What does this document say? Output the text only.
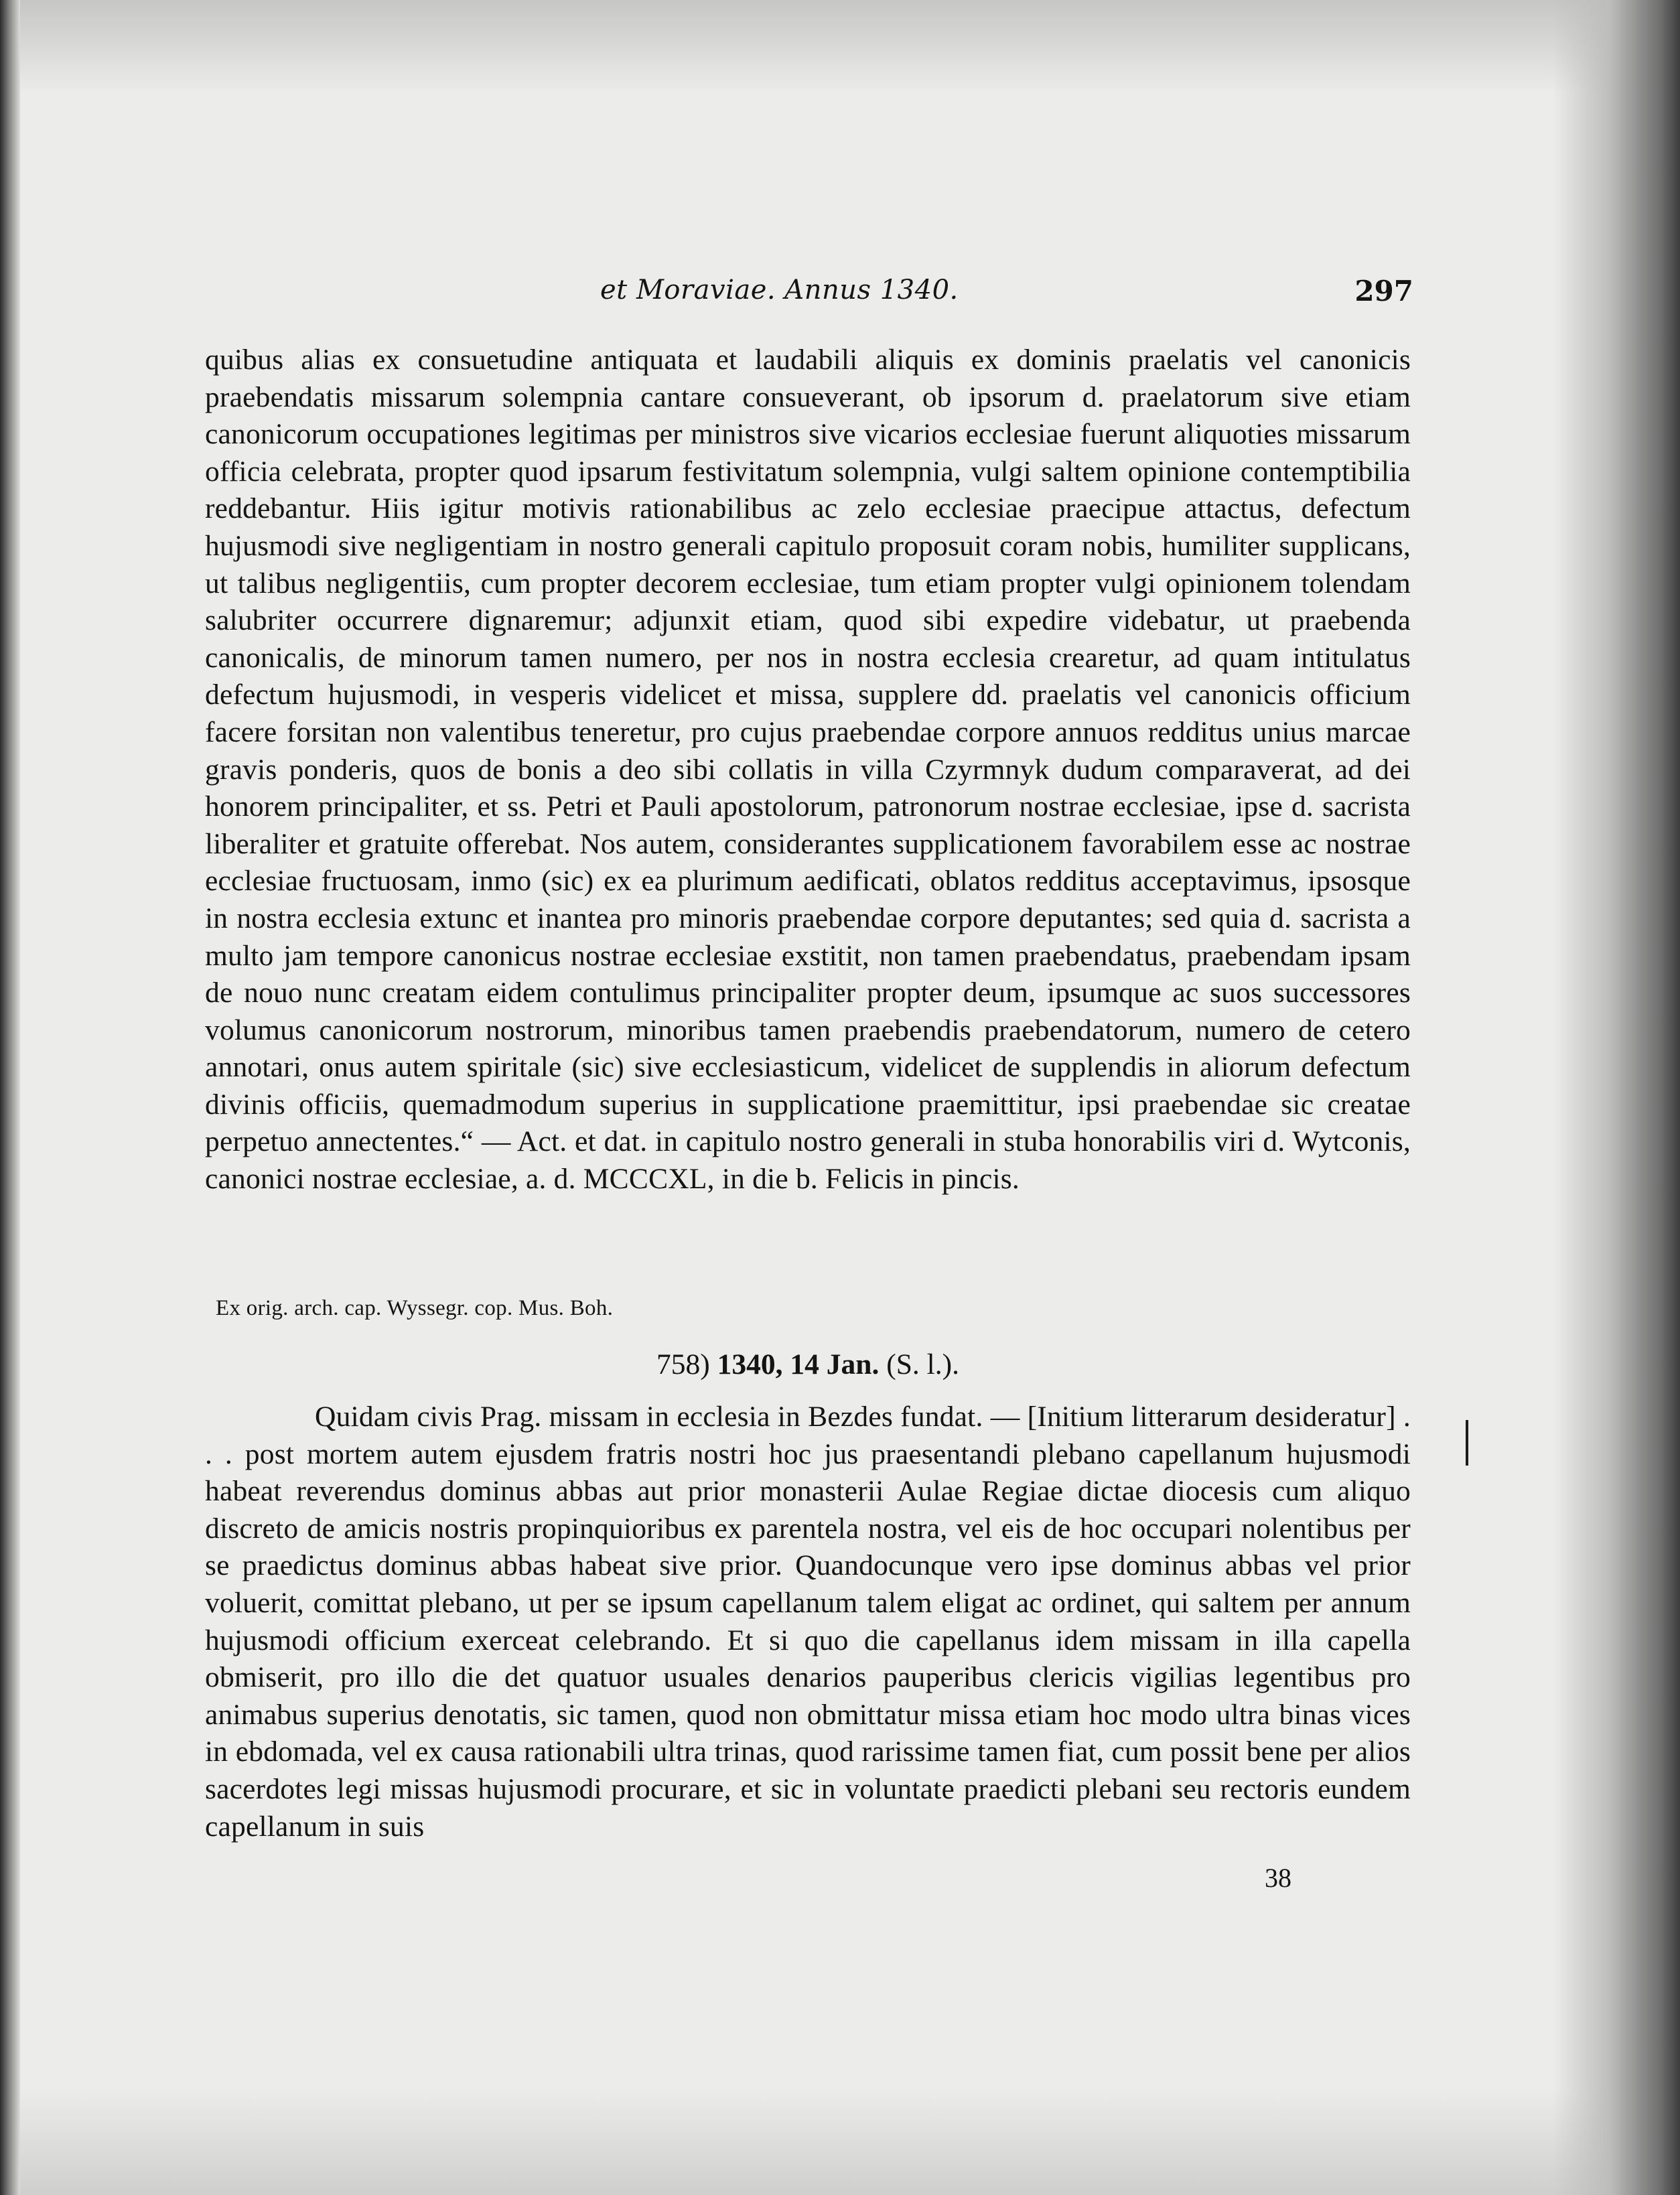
et Moraviae. Annus 1340.	297

quibus alias ex consuetudine antiquata et laudabili aliquis ex dominis praelatis vel canonicis praebendatis missarum solempnia cantare consueverant, ob ipsorum d. praelatorum sive etiam canonicorum occupationes legitimas per ministros sive vicarios ecclesiae fuerunt aliquoties missarum officia celebrata, propter quod ipsarum festivitatum solempnia, vulgi saltem opinione contemptibilia reddebantur. Hiis igitur motivis rationabilibus ac zelo ecclesiae praecipue attactus, defectum hujusmodi sive negligentiam in nostro generali capitulo proposuit coram nobis, humiliter supplicans, ut talibus negligentiis, cum propter decorem ecclesiae, tum etiam propter vulgi opinionem tolendam salubriter occurrere dignaremur; adjunxit etiam, quod sibi expedire videbatur, ut praebenda canonicalis, de minorum tamen numero, per nos in nostra ecclesia crearetur, ad quam intitulatus defectum hujusmodi, in vesperis videlicet et missa, supplere dd. praelatis vel canonicis officium facere forsitan non valentibus teneretur, pro cujus praebendae corpore annuos redditus unius marcae gravis ponderis, quos de bonis a deo sibi collatis in villa Czyrmnyk dudum comparaverat, ad dei honorem principaliter, et ss. Petri et Pauli apostolorum, patronorum nostrae ecclesiae, ipse d. sacrista liberaliter et gratuite offerebat. Nos autem, considerantes supplicationem favorabilem esse ac nostrae ecclesiae fructuosam, inmo (sic) ex ea plurimum aedificati, oblatos redditus acceptavimus, ipsosque in nostra ecclesia extunc et inantea pro minoris praebendae corpore deputantes; sed quia d. sacrista a multo jam tempore canonicus nostrae ecclesiae exstitit, non tamen praebendatus, praebendam ipsam de nouo nunc creatam eidem contulimus principaliter propter deum, ipsumque ac suos successores volumus canonicorum nostrorum, minoribus tamen praebendis praebendatorum, numero de cetero annotari, onus autem spiritale (sic) sive ecclesiasticum, videlicet de supplendis in aliorum defectum divinis officiis, quemadmodum superius in supplicatione praemittitur, ipsi praebendae sic creatae perpetuo annectentes.“ — Act. et dat. in capitulo nostro generali in stuba honorabilis viri d. Wytconis, canonici nostrae ecclesiae, a. d. MCCCXL, in die b. Felicis in pincis.

Ex orig. arch. cap. Wyssegr. cop. Mus. Boh.
758) 1340, 14 Jan. (S. l.).

Quidam civis Prag. missam in ecclesia in Bezdes fundat. — [Initium litterarum desideratur] . . . post mortem autem ejusdem fratris nostri hoc jus praesentandi plebano capellanum hujusmodi habeat reverendus dominus abbas aut prior monasterii Aulae Regiae dictae diocesis cum aliquo discreto de amicis nostris propinquioribus ex parentela nostra, vel eis de hoc occupari nolentibus per se praedictus dominus abbas habeat sive prior. Quandocunque vero ipse dominus abbas vel prior voluerit, comittat plebano, ut per se ipsum capellanum talem eligat ac ordinet, qui saltem per annum hujusmodi officium exerceat celebrando. Et si quo die capellanus idem missam in illa capella obmiserit, pro illo die det quatuor usuales denarios pauperibus clericis vigilias legentibus pro animabus superius denotatis, sic tamen, quod non obmittatur missa etiam hoc modo ultra binas vices in ebdomada, vel ex causa rationabili ultra trinas, quod rarissime tamen fiat, cum possit bene per alios sacerdotes legi missas hujusmodi procurare, et sic in voluntate praedicti plebani seu rectoris eundem capellanum in suis

38
